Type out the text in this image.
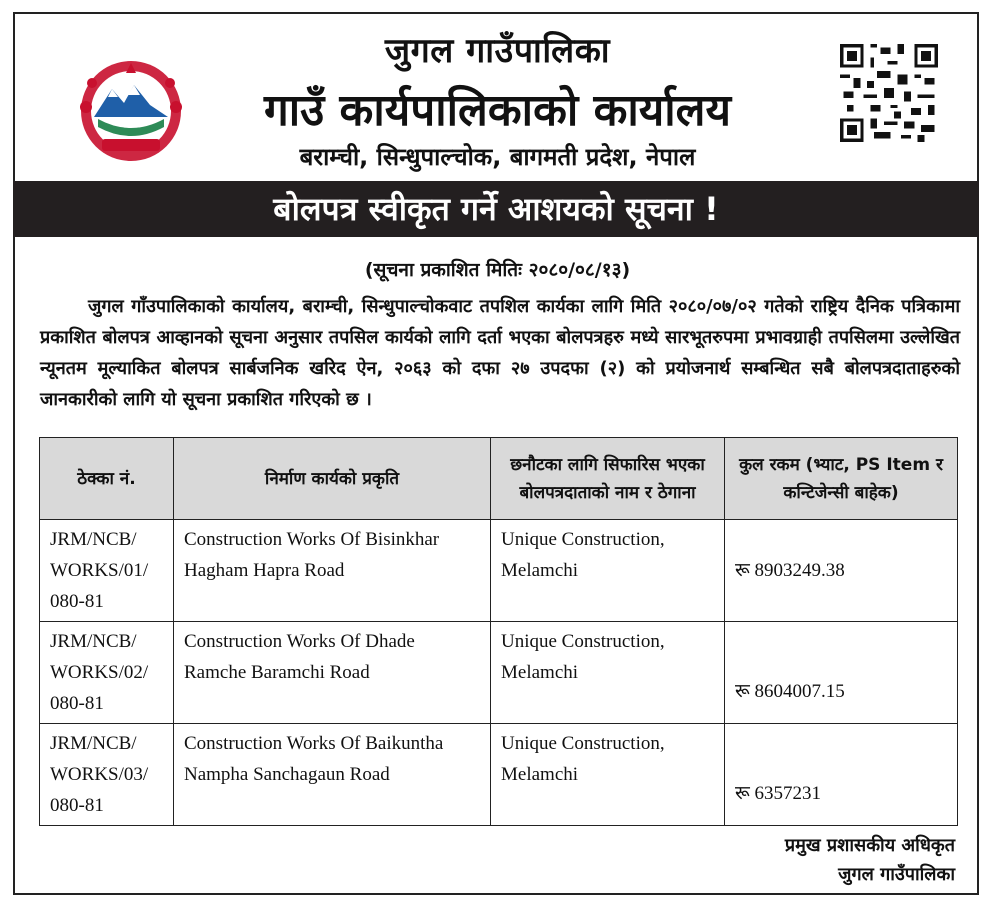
जुगल गाउँपालिका
गाउँ कार्यपालिकाको कार्यालय
बराम्ची, सिन्धुपाल्चोक, बागमती प्रदेश, नेपाल
बोलपत्र स्वीकृत गर्ने आशयको सूचना !
(सूचना प्रकाशित मितिः २०८०/०८/१३)
जुगल गाँउपालिकाको कार्यालय, बराम्ची, सिन्धुपाल्चोकवाट तपशिल कार्यका लागि मिति २०८०/०७/०२ गतेको राष्ट्रिय दैनिक पत्रिकामा प्रकाशित बोलपत्र आव्हानको सूचना अनुसार तपसिल कार्यको लागि दर्ता भएका बोलपत्रहरु मध्ये सारभूतरुपमा प्रभावग्राही तपसिलमा उल्लेखित न्यूनतम मूल्याकित बोलपत्र सार्बजनिक खरिद ऐन, २०६३ को दफा २७ उपदफा (२) को प्रयोजनार्थ सम्बन्धित सबै बोलपत्रदाताहरुको जानकारीको लागि यो सूचना प्रकाशित गरिएको छ ।
ठेक्का नं.	निर्माण कार्यको प्रकृति	छनौटका लागि सिफारिस भएका बोलपत्रदाताको नाम र ठेगाना	कुल रकम (भ्याट, PS Item र कन्टिजेन्सी बाहेक)

JRM/NCB/
WORKS/01/
080-81	Construction Works Of Bisinkhar Hagham Hapra Road	Unique Construction, Melamchi	रू 8903249.38

JRM/NCB/
WORKS/02/
080-81	Construction Works Of Dhade Ramche Baramchi Road	Unique Construction, Melamchi	रू 8604007.15

JRM/NCB/
WORKS/03/
080-81	Construction Works Of Baikuntha Nampha Sanchagaun Road	Unique Construction, Melamchi	रू 6357231
प्रमुख प्रशासकीय अधिकृत
जुगल गाउँपालिका
